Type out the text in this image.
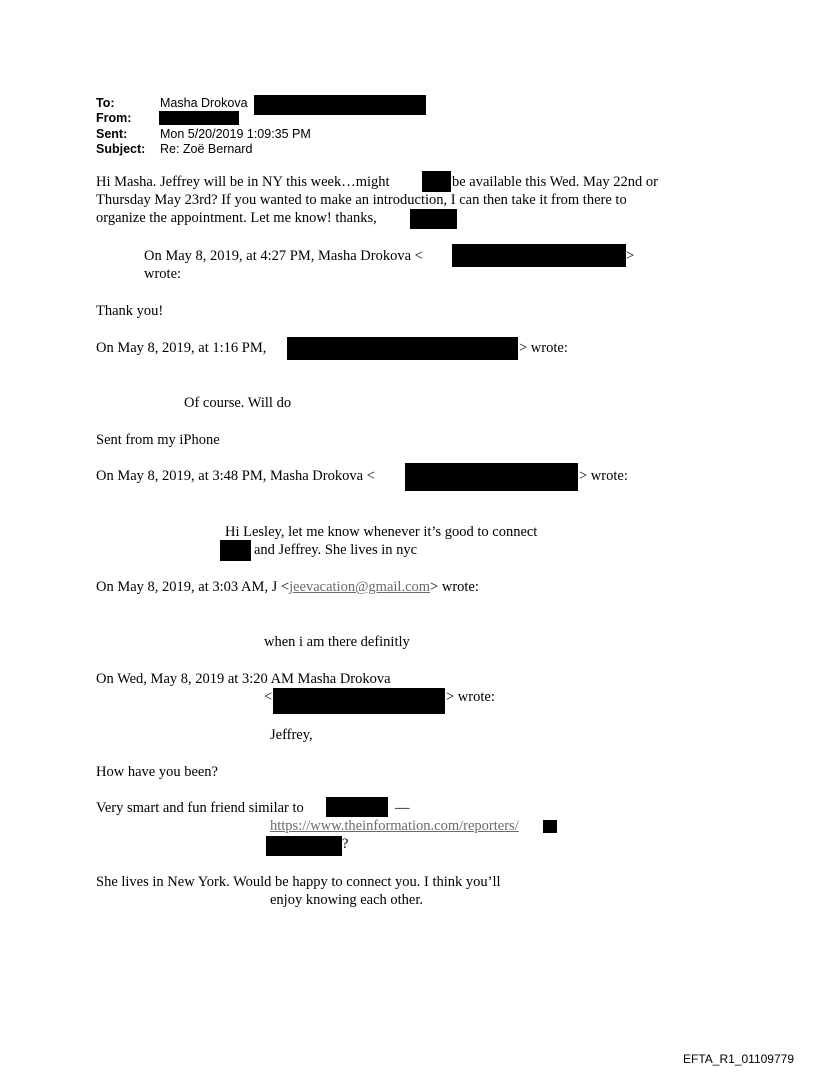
To:	Masha Drokova
From:
Sent:	Mon 5/20/2019 1:09:35 PM
Subject: Re: Zoë Bernard
Hi Masha. Jeffrey will be in NY this week…might	be available this Wed. May 22nd or
Thursday May 23rd? If you wanted to make an introduction, I can then take it from there to
organize the appointment. Let me know! thanks,
On May 8, 2019, at 4:27 PM, Masha Drokova <	>
wrote:
Thank you!
On May 8, 2019, at 1:16 PM,	> wrote:
Of course. Will do
Sent from my iPhone
On May 8, 2019, at 3:48 PM, Masha Drokova <	> wrote:
Hi Lesley, let me know whenever it’s good to connect
and Jeffrey. She lives in nyc
On May 8, 2019, at 3:03 AM, J <jeevacation@gmail.com> wrote:
when i am there definitly
On Wed, May 8, 2019 at 3:20 AM Masha Drokova
<	> wrote:
Jeffrey,
How have you been?
Very smart and fun friend similar to	—
https://www.theinformation.com/reporters/
?
She lives in New York. Would be happy to connect you. I think you’ll
enjoy knowing each other.
EFTA_R1_01109779
